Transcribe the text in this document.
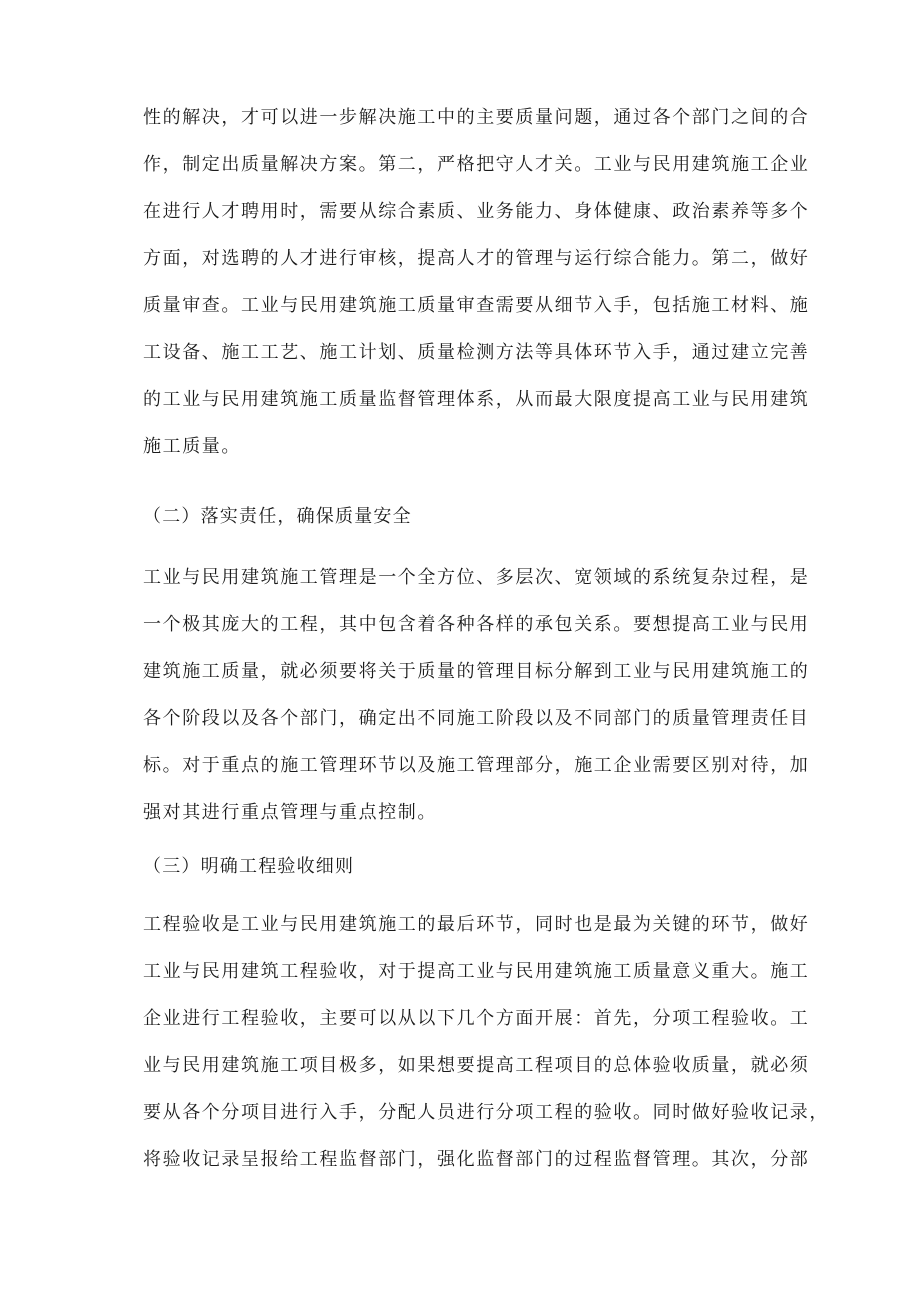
性的解决，才可以进一步解决施工中的主要质量问题，通过各个部门之间的合
作，制定出质量解决方案。第二，严格把守人才关。工业与民用建筑施工企业
在进行人才聘用时，需要从综合素质、业务能力、身体健康、政治素养等多个
方面，对选聘的人才进行审核，提高人才的管理与运行综合能力。第二，做好
质量审查。工业与民用建筑施工质量审查需要从细节入手，包括施工材料、施
工设备、施工工艺、施工计划、质量检测方法等具体环节入手，通过建立完善
的工业与民用建筑施工质量监督管理体系，从而最大限度提高工业与民用建筑
施工质量。
（二）落实责任，确保质量安全
工业与民用建筑施工管理是一个全方位、多层次、宽领域的系统复杂过程，是
一个极其庞大的工程，其中包含着各种各样的承包关系。要想提高工业与民用
建筑施工质量，就必须要将关于质量的管理目标分解到工业与民用建筑施工的
各个阶段以及各个部门，确定出不同施工阶段以及不同部门的质量管理责任目
标。对于重点的施工管理环节以及施工管理部分，施工企业需要区别对待，加
强对其进行重点管理与重点控制。
（三）明确工程验收细则
工程验收是工业与民用建筑施工的最后环节，同时也是最为关键的环节，做好
工业与民用建筑工程验收，对于提高工业与民用建筑施工质量意义重大。施工
企业进行工程验收，主要可以从以下几个方面开展：首先，分项工程验收。工
业与民用建筑施工项目极多，如果想要提高工程项目的总体验收质量，就必须
要从各个分项目进行入手，分配人员进行分项工程的验收。同时做好验收记录，
将验收记录呈报给工程监督部门，强化监督部门的过程监督管理。其次，分部
